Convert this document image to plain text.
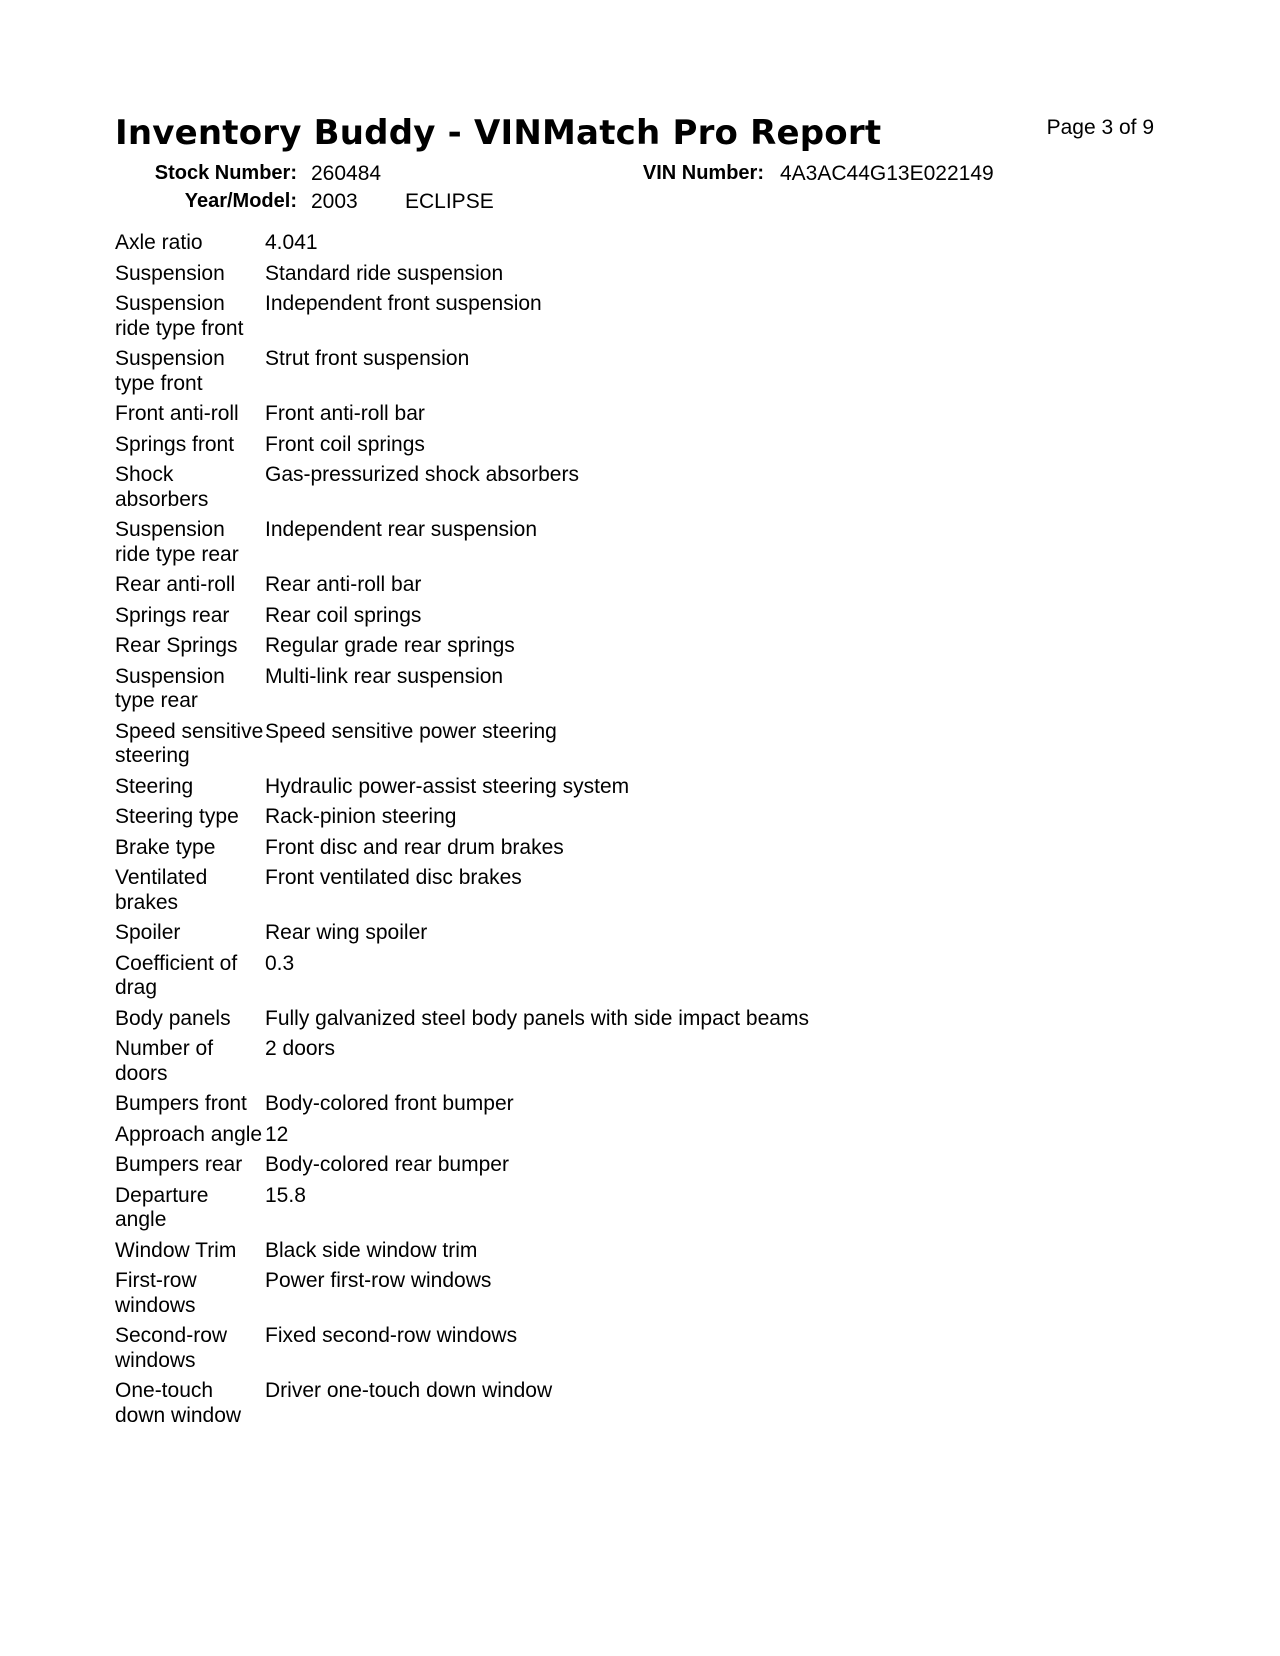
Inventory Buddy - VINMatch Pro Report	Page 3 of 9
Stock Number: 260484	VIN Number: 4A3AC44G13E022149
Year/Model: 2003 ECLIPSE
Axle ratio	4.041
Suspension	Standard ride suspension
Suspension ride type front	Independent front suspension
Suspension type front	Strut front suspension
Front anti-roll	Front anti-roll bar
Springs front	Front coil springs
Shock absorbers	Gas-pressurized shock absorbers
Suspension ride type rear	Independent rear suspension
Rear anti-roll	Rear anti-roll bar
Springs rear	Rear coil springs
Rear Springs	Regular grade rear springs
Suspension type rear	Multi-link rear suspension
Speed sensitive steering	Speed sensitive power steering
Steering	Hydraulic power-assist steering system
Steering type	Rack-pinion steering
Brake type	Front disc and rear drum brakes
Ventilated brakes	Front ventilated disc brakes
Spoiler	Rear wing spoiler
Coefficient of drag	0.3
Body panels	Fully galvanized steel body panels with side impact beams
Number of doors	2 doors
Bumpers front	Body-colored front bumper
Approach angle	12
Bumpers rear	Body-colored rear bumper
Departure angle	15.8
Window Trim	Black side window trim
First-row windows	Power first-row windows
Second-row windows	Fixed second-row windows
One-touch down window	Driver one-touch down window
